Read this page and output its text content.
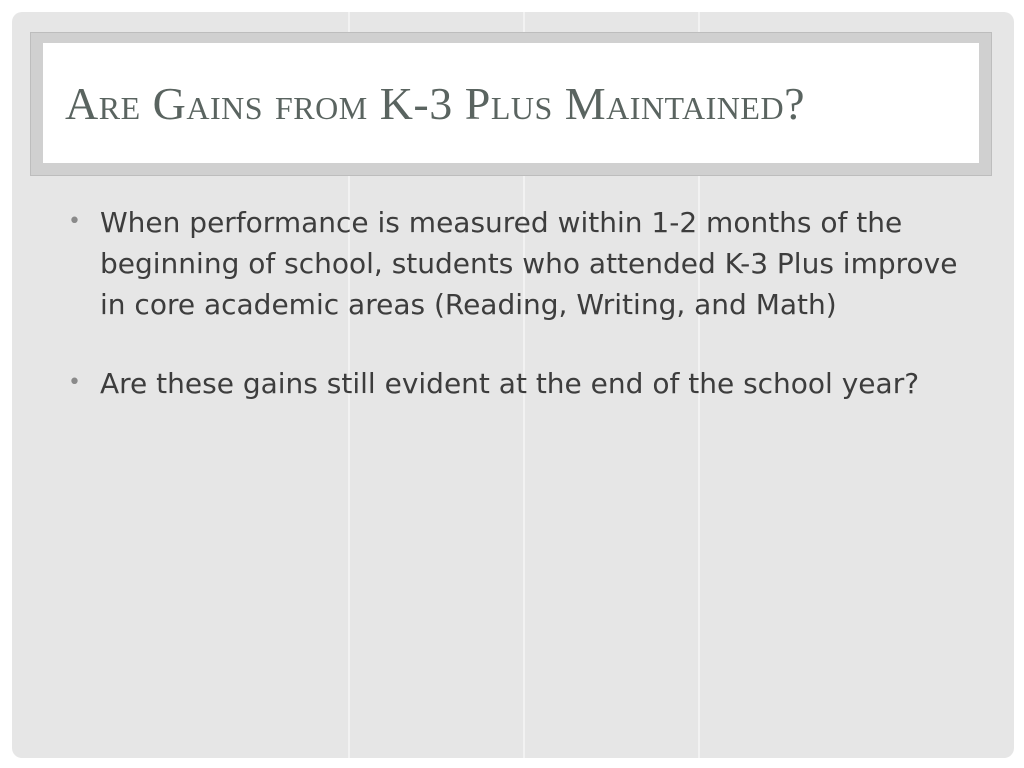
Are Gains from K-3 Plus Maintained?
• When performance is measured within 1-2 months of the beginning of school, students who attended K-3 Plus improve in core academic areas (Reading, Writing, and Math)
• Are these gains still evident at the end of the school year?
